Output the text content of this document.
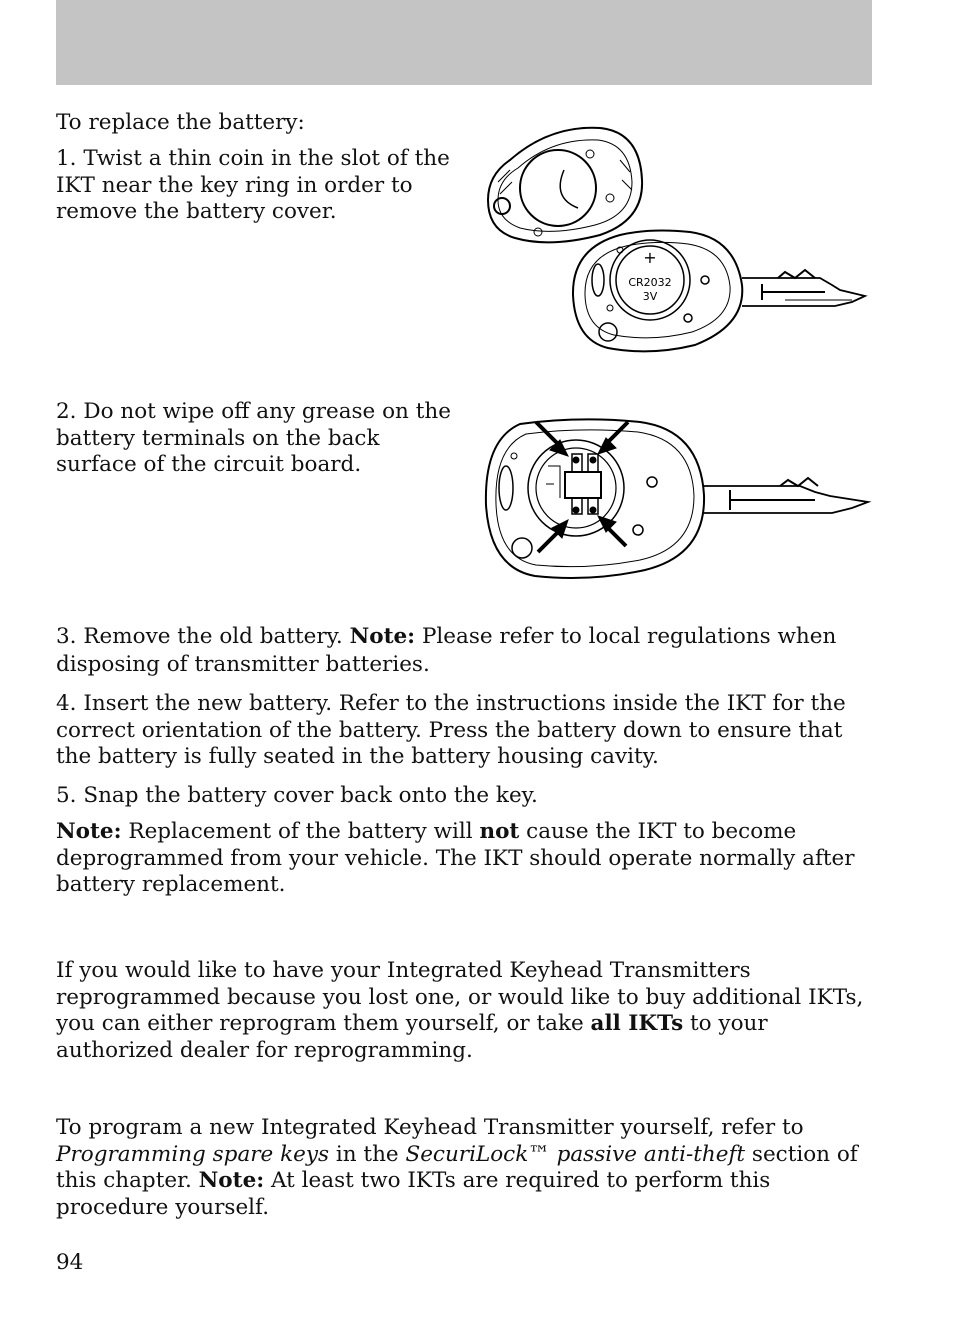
To replace the battery:

1. Twist a thin coin in the slot of the IKT near the key ring in order to remove the battery cover.

+
CR2032
3V

2. Do not wipe off any grease on the battery terminals on the back surface of the circuit board.

3. Remove the old battery. Note: Please refer to local regulations when disposing of transmitter batteries.

4. Insert the new battery. Refer to the instructions inside the IKT for the correct orientation of the battery. Press the battery down to ensure that the battery is fully seated in the battery housing cavity.

5. Snap the battery cover back onto the key.

Note: Replacement of the battery will not cause the IKT to become deprogrammed from your vehicle. The IKT should operate normally after battery replacement.

If you would like to have your Integrated Keyhead Transmitters reprogrammed because you lost one, or would like to buy additional IKTs, you can either reprogram them yourself, or take all IKTs to your authorized dealer for reprogramming.

To program a new Integrated Keyhead Transmitter yourself, refer to Programming spare keys in the SecuriLock™ passive anti-theft section of this chapter. Note: At least two IKTs are required to perform this procedure yourself.

94
